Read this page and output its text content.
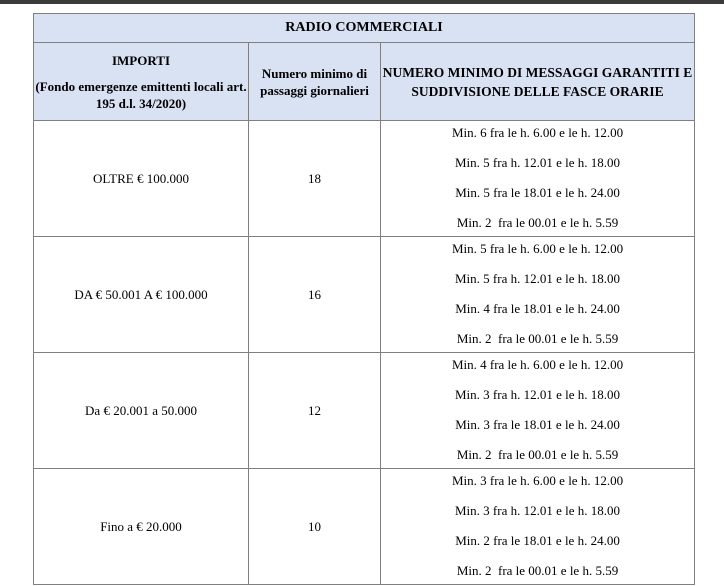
RADIO COMMERCIALI		
IMPORTI
(Fondo emergenze emittenti locali art. 195 d.l. 34/2020)	Numero minimo di passaggi giornalieri	NUMERO MINIMO DI MESSAGGI GARANTITI E SUDDIVISIONE DELLE FASCE ORARIE
OLTRE € 100.000	18	Min. 6 fra le h. 6.00 e le h. 12.00
Min. 5 fra h. 12.01 e le h. 18.00
Min. 5 fra le 18.01 e le h. 24.00
Min. 2  fra le 00.01 e le h. 5.59

DA € 50.001 A € 100.000	16	Min. 5 fra le h. 6.00 e le h. 12.00
Min. 5 fra h. 12.01 e le h. 18.00
Min. 4 fra le 18.01 e le h. 24.00
Min. 2  fra le 00.01 e le h. 5.59

Da € 20.001 a 50.000	12	Min. 4 fra le h. 6.00 e le h. 12.00
Min. 3 fra h. 12.01 e le h. 18.00
Min. 3 fra le 18.01 e le h. 24.00
Min. 2  fra le 00.01 e le h. 5.59

Fino a € 20.000	10	Min. 3 fra le h. 6.00 e le h. 12.00
Min. 3 fra h. 12.01 e le h. 18.00
Min. 2 fra le 18.01 e le h. 24.00
Min. 2  fra le 00.01 e le h. 5.59
